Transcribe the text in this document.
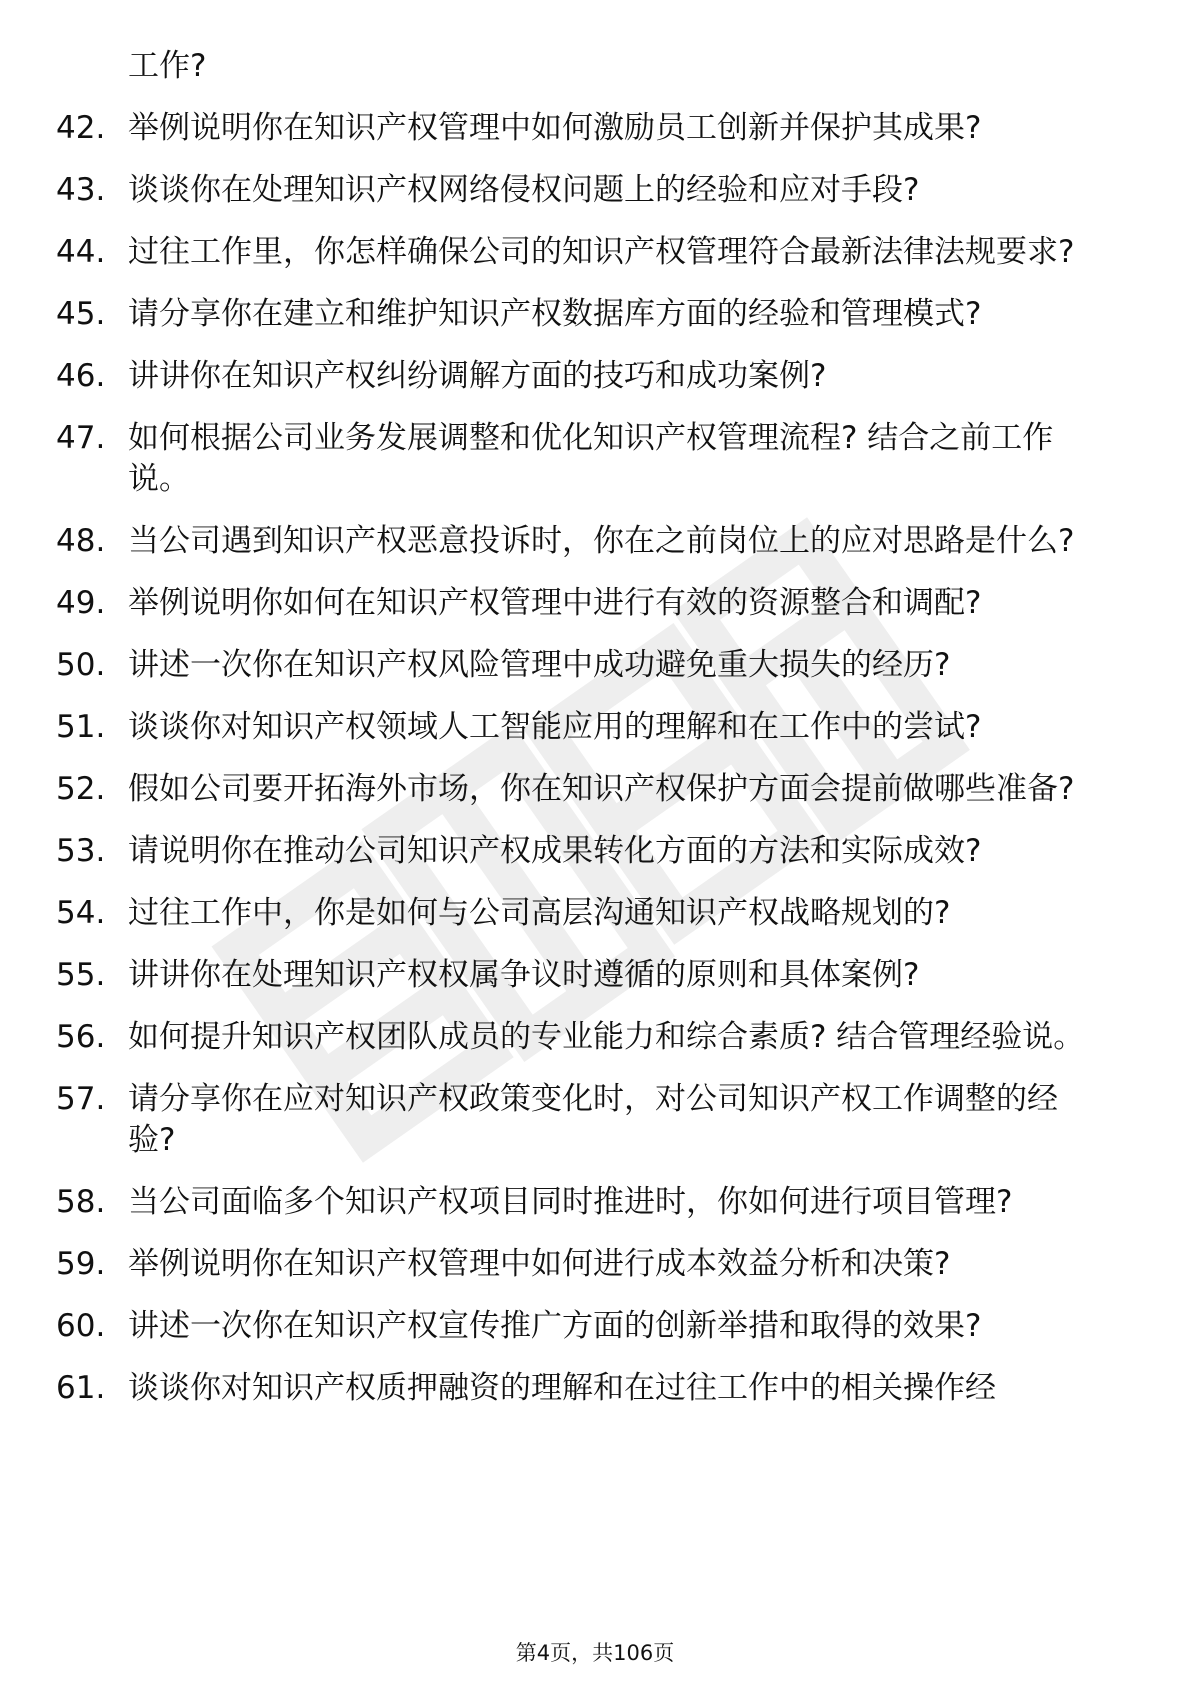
工作?
42. 举例说明你在知识产权管理中如何激励员工创新并保护其成果?
43. 谈谈你在处理知识产权网络侵权问题上的经验和应对手段?
44. 过往工作里，你怎样确保公司的知识产权管理符合最新法律法规要求?
45. 请分享你在建立和维护知识产权数据库方面的经验和管理模式?
46. 讲讲你在知识产权纠纷调解方面的技巧和成功案例?
47. 如何根据公司业务发展调整和优化知识产权管理流程? 结合之前工作说。
48. 当公司遇到知识产权恶意投诉时，你在之前岗位上的应对思路是什么?
49. 举例说明你如何在知识产权管理中进行有效的资源整合和调配?
50. 讲述一次你在知识产权风险管理中成功避免重大损失的经历?
51. 谈谈你对知识产权领域人工智能应用的理解和在工作中的尝试?
52. 假如公司要开拓海外市场，你在知识产权保护方面会提前做哪些准备?
53. 请说明你在推动公司知识产权成果转化方面的方法和实际成效?
54. 过往工作中，你是如何与公司高层沟通知识产权战略规划的?
55. 讲讲你在处理知识产权权属争议时遵循的原则和具体案例?
56. 如何提升知识产权团队成员的专业能力和综合素质? 结合管理经验说。
57. 请分享你在应对知识产权政策变化时，对公司知识产权工作调整的经验?
58. 当公司面临多个知识产权项目同时推进时，你如何进行项目管理?
59. 举例说明你在知识产权管理中如何进行成本效益分析和决策?
60. 讲述一次你在知识产权宣传推广方面的创新举措和取得的效果?
61. 谈谈你对知识产权质押融资的理解和在过往工作中的相关操作经
第4页，共106页
